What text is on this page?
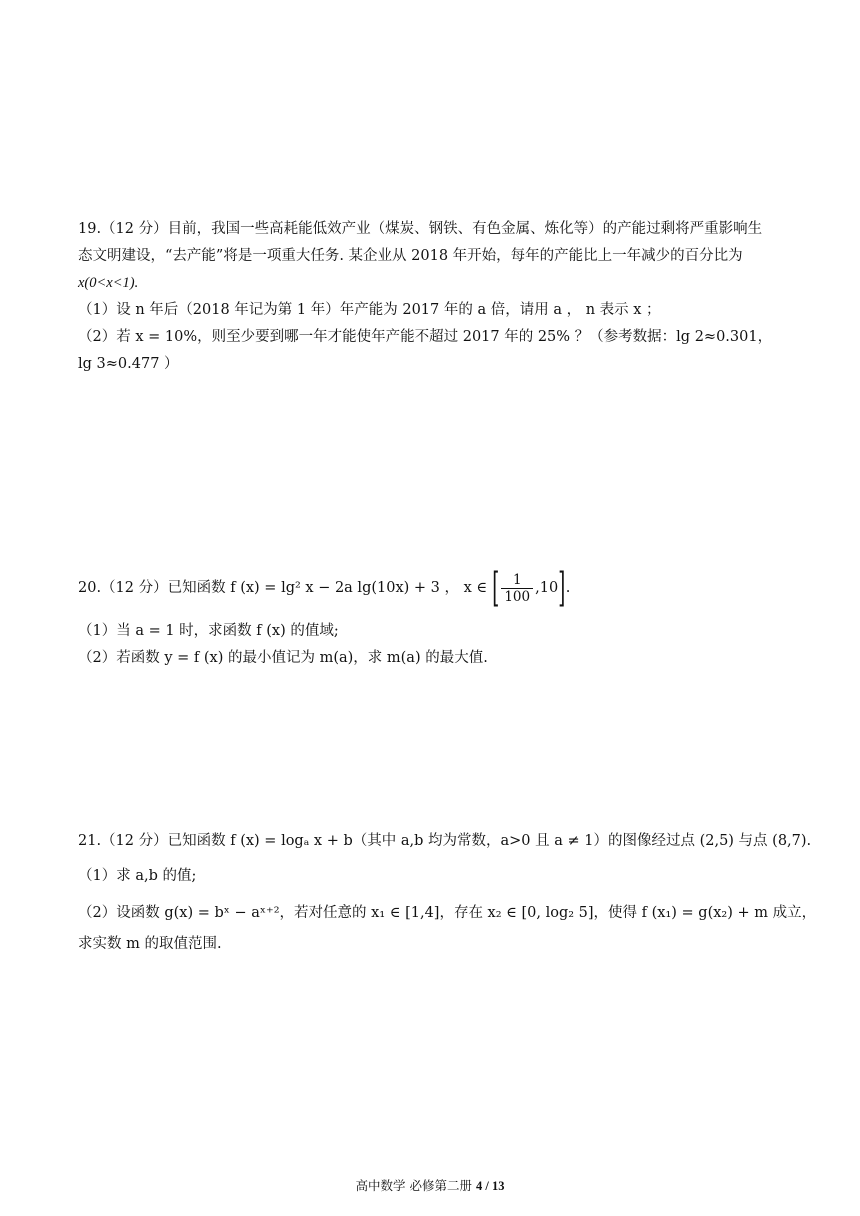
19.（12 分）目前，我国一些高耗能低效产业（煤炭、钢铁、有色金属、炼化等）的产能过剩将严重影响生

态文明建设，“去产能”将是一项重大任务. 某企业从 2018 年开始，每年的产能比上一年减少的百分比为

x(0<x<1).

（1）设 n 年后（2018 年记为第 1 年）年产能为 2017 年的 a 倍，请用 a ， n 表示 x ；

（2）若 x = 10%，则至少要到哪一年才能使年产能不超过 2017 年的 25% ？（参考数据：lg 2≈0.301，

lg 3≈0.477 ）

20.（12 分）已知函数 f (x) = lg² x − 2a lg(10x) + 3 ， x ∈ [ $\frac{1}{100} ,10$].

（1）当 a = 1 时，求函数 f (x) 的值域;

（2）若函数 y = f (x) 的最小值记为 m(a)，求 m(a) 的最大值.

21.（12 分）已知函数 f (x) = logₐ x + b（其中 a,b 均为常数，a>0 且 a ≠ 1）的图像经过点 (2,5) 与点 (8,7).

（1）求 a,b 的值;

（2）设函数 g(x) = bˣ − aˣ⁺²，若对任意的 x₁ ∈ [1,4]，存在 x₂ ∈ [0, log₂ 5]，使得 f (x₁) = g(x₂) + m 成立，

求实数 m 的取值范围.

高中数学 必修第二册 4 / 13
